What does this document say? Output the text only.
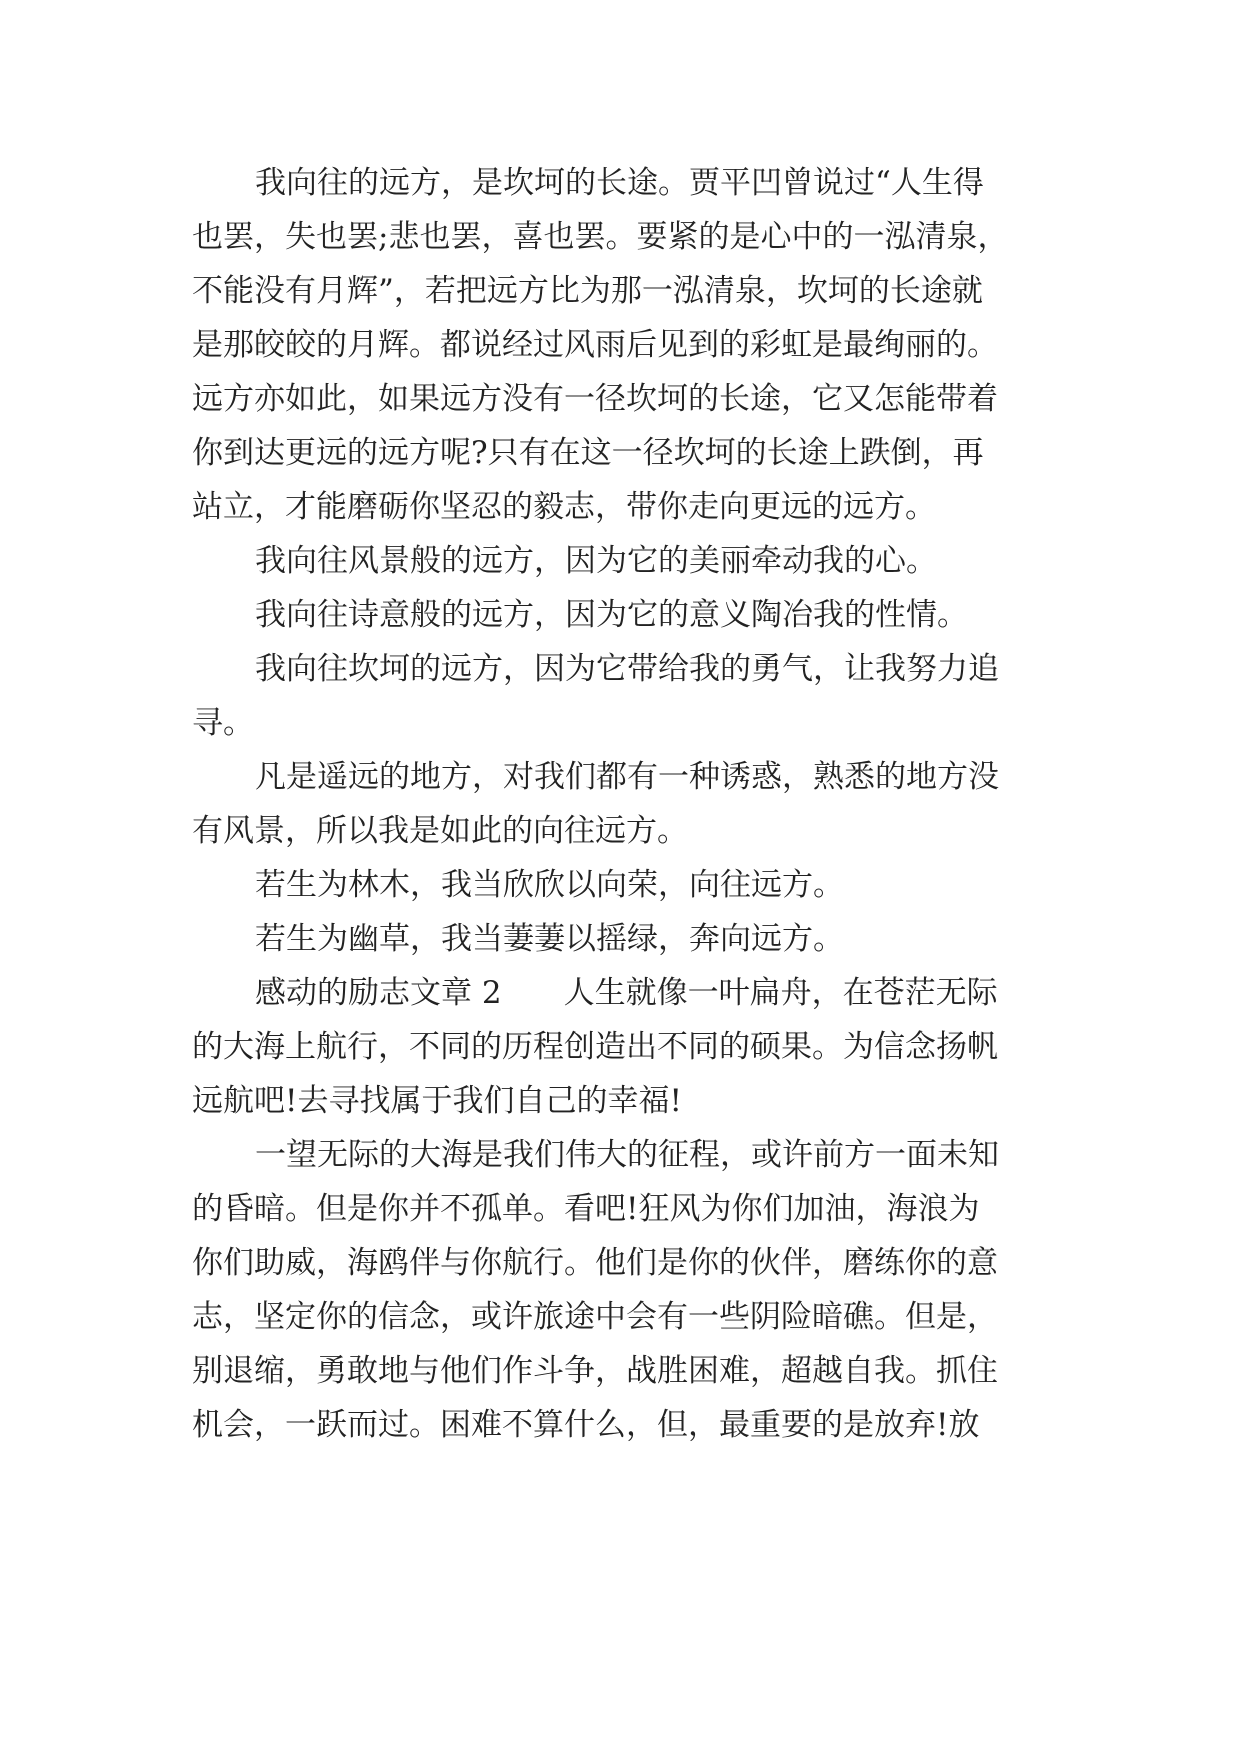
我向往的远方，是坎坷的长途。贾平凹曾说过“人生得
也罢，失也罢;悲也罢，喜也罢。要紧的是心中的一泓清泉，
不能没有月辉”，若把远方比为那一泓清泉，坎坷的长途就
是那皎皎的月辉。都说经过风雨后见到的彩虹是最绚丽的。
远方亦如此，如果远方没有一径坎坷的长途，它又怎能带着
你到达更远的远方呢?只有在这一径坎坷的长途上跌倒，再
站立，才能磨砺你坚忍的毅志，带你走向更远的远方。
我向往风景般的远方，因为它的美丽牵动我的心。
我向往诗意般的远方，因为它的意义陶冶我的性情。
我向往坎坷的远方，因为它带给我的勇气，让我努力追
寻。
凡是遥远的地方，对我们都有一种诱惑，熟悉的地方没
有风景，所以我是如此的向往远方。
若生为林木，我当欣欣以向荣，向往远方。
若生为幽草，我当萋萋以摇绿，奔向远方。
感动的励志文章 2　　人生就像一叶扁舟，在苍茫无际
的大海上航行，不同的历程创造出不同的硕果。为信念扬帆
远航吧!去寻找属于我们自己的幸福!
一望无际的大海是我们伟大的征程，或许前方一面未知
的昏暗。但是你并不孤单。看吧!狂风为你们加油，海浪为
你们助威，海鸥伴与你航行。他们是你的伙伴，磨练你的意
志，坚定你的信念，或许旅途中会有一些阴险暗礁。但是，
别退缩，勇敢地与他们作斗争，战胜困难，超越自我。抓住
机会，一跃而过。困难不算什么，但，最重要的是放弃!放
